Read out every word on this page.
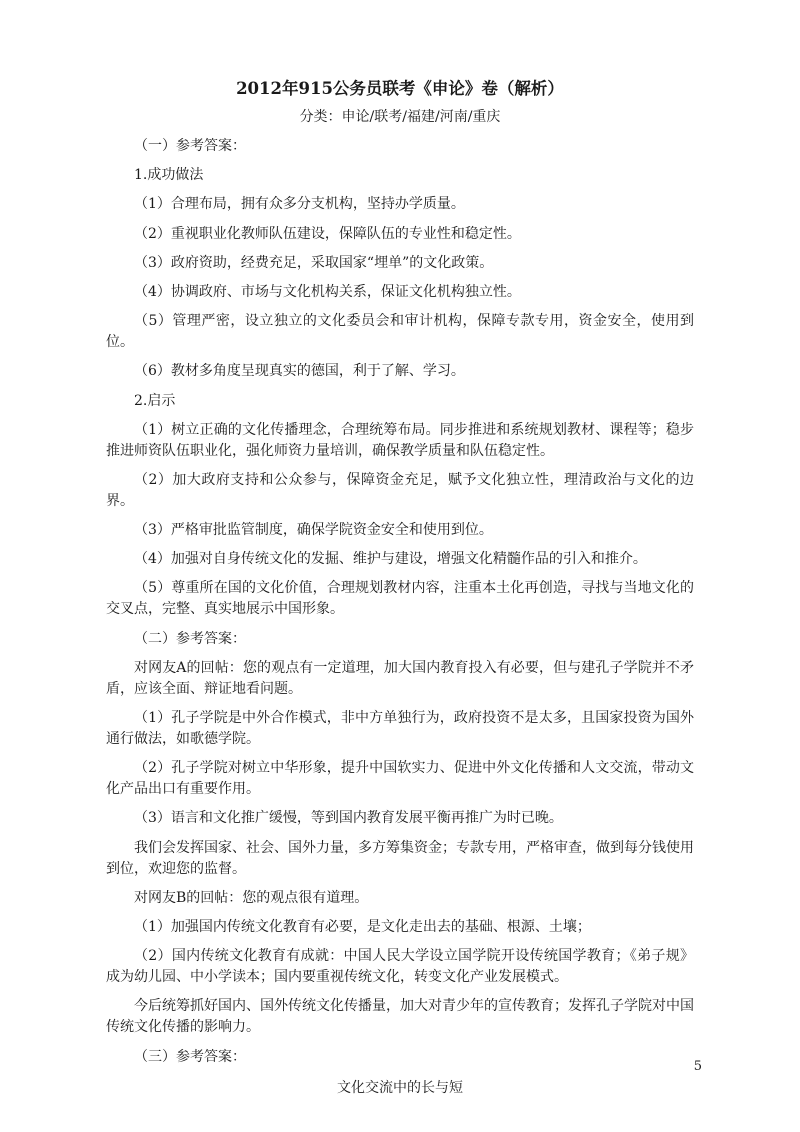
2012年915公务员联考《申论》卷（解析）
分类：申论/联考/福建/河南/重庆

（一）参考答案：

1.成功做法

（1）合理布局，拥有众多分支机构，坚持办学质量。

（2）重视职业化教师队伍建设，保障队伍的专业性和稳定性。

（3）政府资助，经费充足，采取国家“埋单”的文化政策。

（4）协调政府、市场与文化机构关系，保证文化机构独立性。

（5）管理严密，设立独立的文化委员会和审计机构，保障专款专用，资金安全，使用到位。

（6）教材多角度呈现真实的德国，利于了解、学习。

2.启示

（1）树立正确的文化传播理念，合理统筹布局。同步推进和系统规划教材、课程等；稳步推进师资队伍职业化，强化师资力量培训，确保教学质量和队伍稳定性。

（2）加大政府支持和公众参与，保障资金充足，赋予文化独立性，理清政治与文化的边界。

（3）严格审批监管制度，确保学院资金安全和使用到位。

（4）加强对自身传统文化的发掘、维护与建设，增强文化精髓作品的引入和推介。

（5）尊重所在国的文化价值，合理规划教材内容，注重本土化再创造，寻找与当地文化的交叉点，完整、真实地展示中国形象。

（二）参考答案：

对网友A的回帖：您的观点有一定道理，加大国内教育投入有必要，但与建孔子学院并不矛盾，应该全面、辩证地看问题。

（1）孔子学院是中外合作模式，非中方单独行为，政府投资不是太多，且国家投资为国外通行做法，如歌德学院。

（2）孔子学院对树立中华形象，提升中国软实力、促进中外文化传播和人文交流，带动文化产品出口有重要作用。

（3）语言和文化推广缓慢，等到国内教育发展平衡再推广为时已晚。

我们会发挥国家、社会、国外力量，多方筹集资金；专款专用，严格审查，做到每分钱使用到位，欢迎您的监督。

对网友B的回帖：您的观点很有道理。

（1）加强国内传统文化教育有必要，是文化走出去的基础、根源、土壤；

（2）国内传统文化教育有成就：中国人民大学设立国学院开设传统国学教育；《弟子规》成为幼儿园、中小学读本；国内要重视传统文化，转变文化产业发展模式。

今后统筹抓好国内、国外传统文化传播量，加大对青少年的宣传教育；发挥孔子学院对中国传统文化传播的影响力。

（三）参考答案：

文化交流中的长与短

5
